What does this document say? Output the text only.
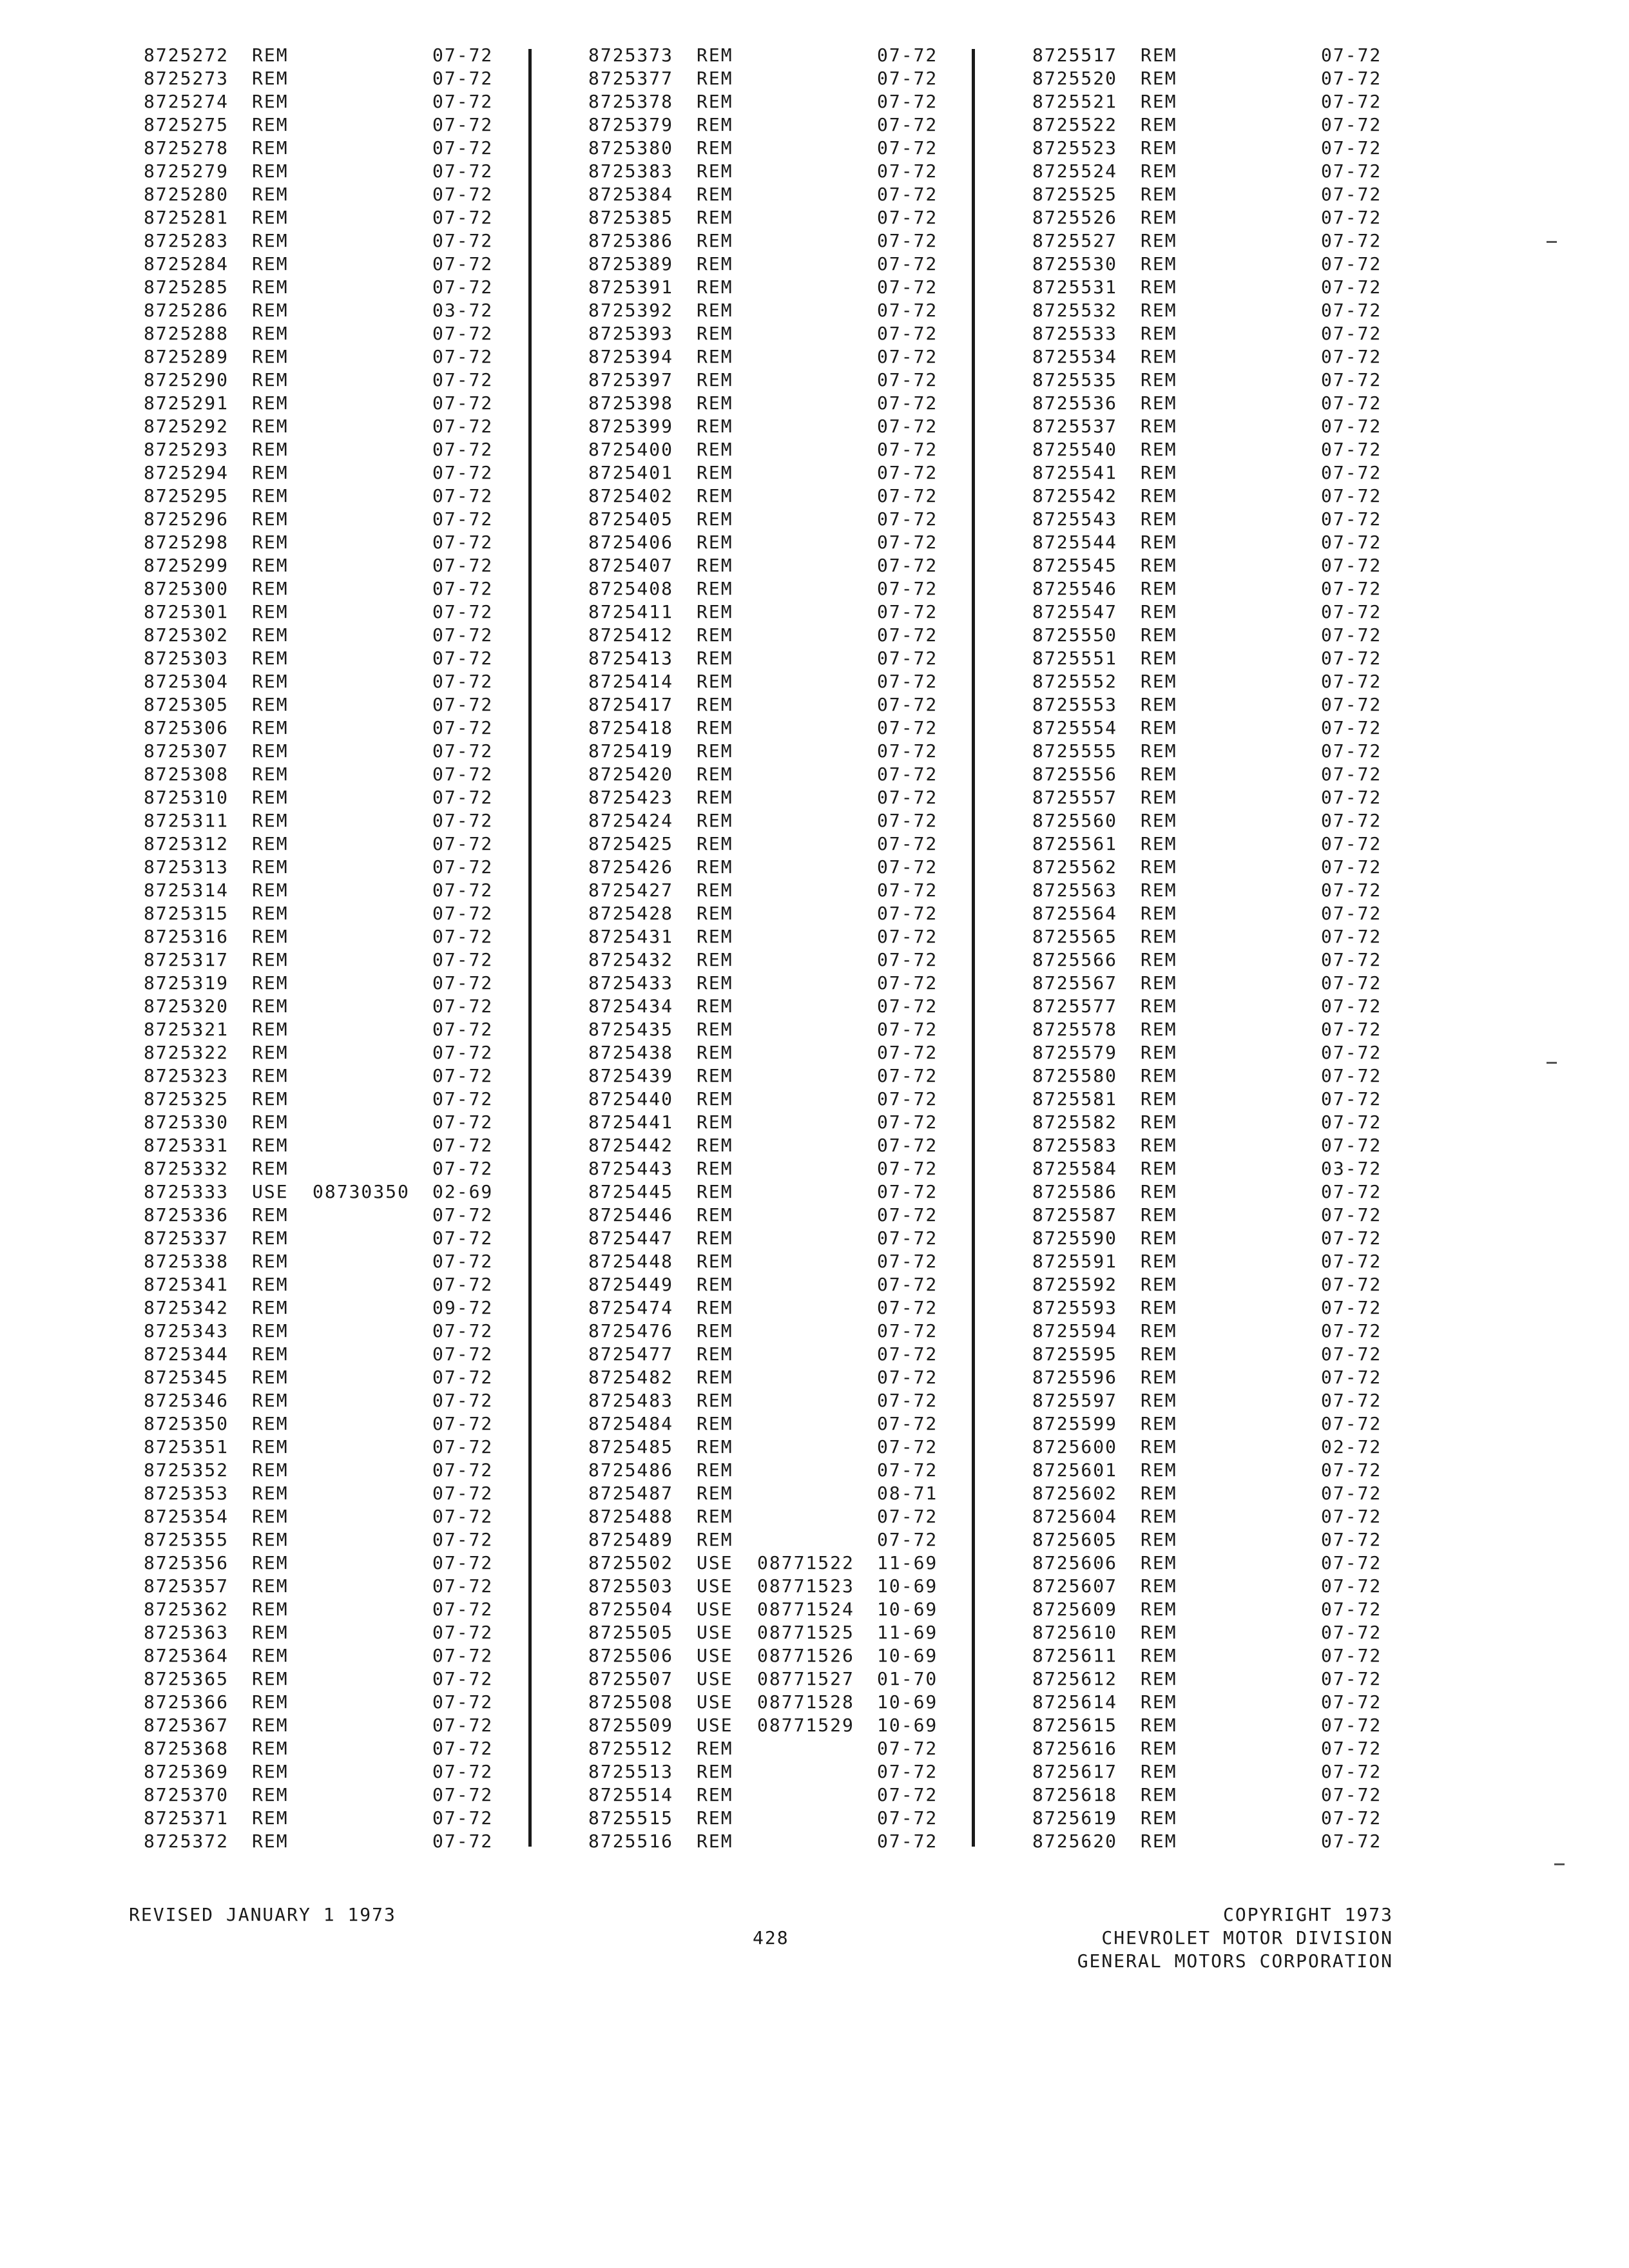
8725272 REM	07-72
8725273 REM	07-72
8725274 REM	07-72
8725275 REM	07-72
8725278 REM	07-72
8725279 REM	07-72
8725280 REM	07-72
8725281 REM	07-72
8725283 REM	07-72
8725284 REM	07-72
8725285 REM	07-72
8725286 REM	03-72
8725288 REM	07-72
8725289 REM	07-72
8725290 REM	07-72
8725291 REM	07-72
8725292 REM	07-72
8725293 REM	07-72
8725294 REM	07-72
8725295 REM	07-72
8725296 REM	07-72
8725298 REM	07-72
8725299 REM	07-72
8725300 REM	07-72
8725301 REM	07-72
8725302 REM	07-72
8725303 REM	07-72
8725304 REM	07-72
8725305 REM	07-72
8725306 REM	07-72
8725307 REM	07-72
8725308 REM	07-72
8725310 REM	07-72
8725311 REM	07-72
8725312 REM	07-72
8725313 REM	07-72
8725314 REM	07-72
8725315 REM	07-72
8725316 REM	07-72
8725317 REM	07-72
8725319 REM	07-72
8725320 REM	07-72
8725321 REM	07-72
8725322 REM	07-72
8725323 REM	07-72
8725325 REM	07-72
8725330 REM	07-72
8725331 REM	07-72
8725332 REM	07-72
8725333 USE 08730350 02-69
8725336 REM	07-72
8725337 REM	07-72
8725338 REM	07-72
8725341 REM	07-72
8725342 REM	09-72
8725343 REM	07-72
8725344 REM	07-72
8725345 REM	07-72
8725346 REM	07-72
8725350 REM	07-72
8725351 REM	07-72
8725352 REM	07-72
8725353 REM	07-72
8725354 REM	07-72
8725355 REM	07-72
8725356 REM	07-72
8725357 REM	07-72
8725362 REM	07-72
8725363 REM	07-72
8725364 REM	07-72
8725365 REM	07-72
8725366 REM	07-72
8725367 REM	07-72
8725368 REM	07-72
8725369 REM	07-72
8725370 REM	07-72
8725371 REM	07-72
8725372 REM	07-72
8725373 REM	07-72
8725377 REM	07-72
8725378 REM	07-72
8725379 REM	07-72
8725380 REM	07-72
8725383 REM	07-72
8725384 REM	07-72
8725385 REM	07-72
8725386 REM	07-72
8725389 REM	07-72
8725391 REM	07-72
8725392 REM	07-72
8725393 REM	07-72
8725394 REM	07-72
8725397 REM	07-72
8725398 REM	07-72
8725399 REM	07-72
8725400 REM	07-72
8725401 REM	07-72
8725402 REM	07-72
8725405 REM	07-72
8725406 REM	07-72
8725407 REM	07-72
8725408 REM	07-72
8725411 REM	07-72
8725412 REM	07-72
8725413 REM	07-72
8725414 REM	07-72
8725417 REM	07-72
8725418 REM	07-72
8725419 REM	07-72
8725420 REM	07-72
8725423 REM	07-72
8725424 REM	07-72
8725425 REM	07-72
8725426 REM	07-72
8725427 REM	07-72
8725428 REM	07-72
8725431 REM	07-72
8725432 REM	07-72
8725433 REM	07-72
8725434 REM	07-72
8725435 REM	07-72
8725438 REM	07-72
8725439 REM	07-72
8725440 REM	07-72
8725441 REM	07-72
8725442 REM	07-72
8725443 REM	07-72
8725445 REM	07-72
8725446 REM	07-72
8725447 REM	07-72
8725448 REM	07-72
8725449 REM	07-72
8725474 REM	07-72
8725476 REM	07-72
8725477 REM	07-72
8725482 REM	07-72
8725483 REM	07-72
8725484 REM	07-72
8725485 REM	07-72
8725486 REM	07-72
8725487 REM	08-71
8725488 REM	07-72
8725489 REM	07-72
8725502 USE 08771522 11-69
8725503 USE 08771523 10-69
8725504 USE 08771524 10-69
8725505 USE 08771525 11-69
8725506 USE 08771526 10-69
8725507 USE 08771527 01-70
8725508 USE 08771528 10-69
8725509 USE 08771529 10-69
8725512 REM	07-72
8725513 REM	07-72
8725514 REM	07-72
8725515 REM	07-72
8725516 REM	07-72
8725517 REM	07-72
8725520 REM	07-72
8725521 REM	07-72
8725522 REM	07-72
8725523 REM	07-72
8725524 REM	07-72
8725525 REM	07-72
8725526 REM	07-72
8725527 REM	07-72
8725530 REM	07-72
8725531 REM	07-72
8725532 REM	07-72
8725533 REM	07-72
8725534 REM	07-72
8725535 REM	07-72
8725536 REM	07-72
8725537 REM	07-72
8725540 REM	07-72
8725541 REM	07-72
8725542 REM	07-72
8725543 REM	07-72
8725544 REM	07-72
8725545 REM	07-72
8725546 REM	07-72
8725547 REM	07-72
8725550 REM	07-72
8725551 REM	07-72
8725552 REM	07-72
8725553 REM	07-72
8725554 REM	07-72
8725555 REM	07-72
8725556 REM	07-72
8725557 REM	07-72
8725560 REM	07-72
8725561 REM	07-72
8725562 REM	07-72
8725563 REM	07-72
8725564 REM	07-72
8725565 REM	07-72
8725566 REM	07-72
8725567 REM	07-72
8725577 REM	07-72
8725578 REM	07-72
8725579 REM	07-72
8725580 REM	07-72
8725581 REM	07-72
8725582 REM	07-72
8725583 REM	07-72
8725584 REM	03-72
8725586 REM	07-72
8725587 REM	07-72
8725590 REM	07-72
8725591 REM	07-72
8725592 REM	07-72
8725593 REM	07-72
8725594 REM	07-72
8725595 REM	07-72
8725596 REM	07-72
8725597 REM	07-72
8725599 REM	07-72
8725600 REM	02-72
8725601 REM	07-72
8725602 REM	07-72
8725604 REM	07-72
8725605 REM	07-72
8725606 REM	07-72
8725607 REM	07-72
8725609 REM	07-72
8725610 REM	07-72
8725611 REM	07-72
8725612 REM	07-72
8725614 REM	07-72
8725615 REM	07-72
8725616 REM	07-72
8725617 REM	07-72
8725618 REM	07-72
8725619 REM	07-72
8725620 REM	07-72
REVISED JANUARY 1 1973
428
COPYRIGHT 1973
CHEVROLET MOTOR DIVISION
GENERAL MOTORS CORPORATION
